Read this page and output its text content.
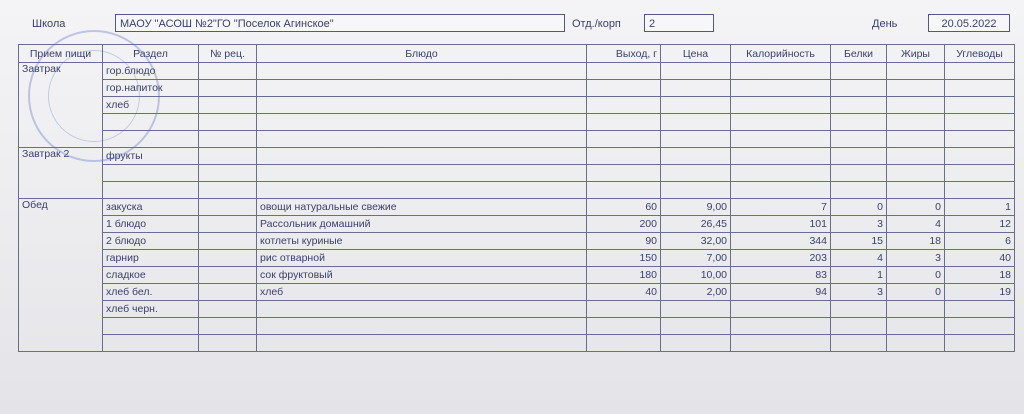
Школа	МАОУ "АСОШ №2"ГО "Поселок Агинское"	Отд./корп	2	День	20.05.2022
Прием пищи	Раздел	№ рец.	Блюдо	Выход, г	Цена	Калорийность	Белки	Жиры	Углеводы
Завтрак	гор.блюдо								
	гор.напиток								
	хлеб								

Завтрак 2	фрукты								

Обед	закуска		овощи натуральные свежие	60	9,00	7	0	0	1
	1 блюдо		Рассольник домашний	200	26,45	101	3	4	12
	2 блюдо		котлеты куриные	90	32,00	344	15	18	6
	гарнир		рис отварной	150	7,00	203	4	3	40
	сладкое		сок фруктовый	180	10,00	83	1	0	18
	хлеб бел.		хлеб	40	2,00	94	3	0	19
	хлеб черн.								
